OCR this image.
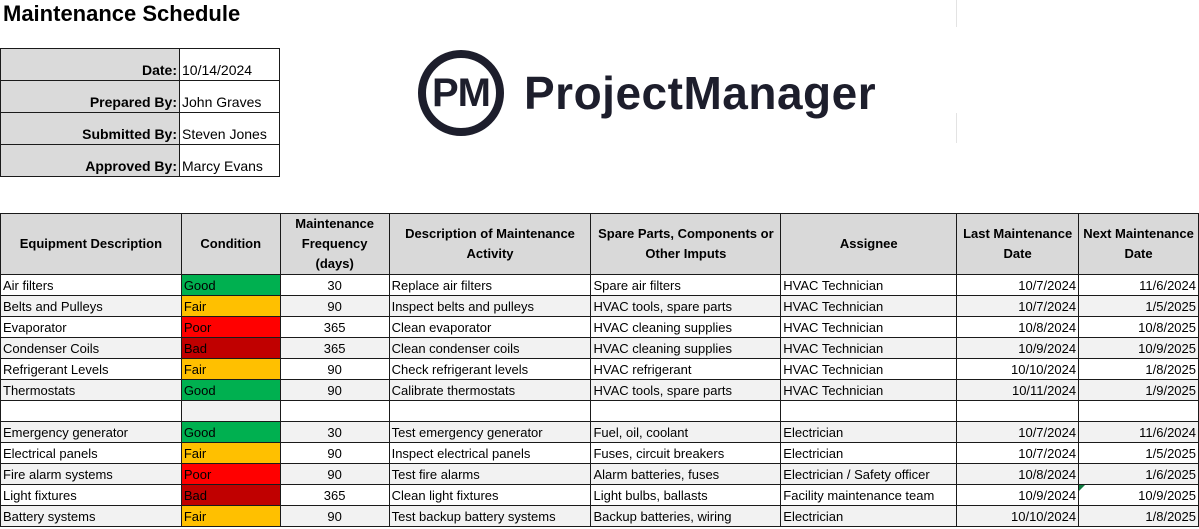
Maintenance Schedule
Date:	10/14/2024
Prepared By:	John Graves
Submitted By:	Steven Jones
Approved By:	Marcy Evans
PM ProjectManager
Equipment Description	Condition	Maintenance Frequency (days)	Description of Maintenance Activity	Spare Parts, Components or Other Imputs	Assignee	Last Maintenance Date	Next Maintenance Date
Air filters	Good	30	Replace air filters	Spare air filters	HVAC Technician	10/7/2024	11/6/2024
Belts and Pulleys	Fair	90	Inspect belts and pulleys	HVAC tools, spare parts	HVAC Technician	10/7/2024	1/5/2025
Evaporator	Poor	365	Clean evaporator	HVAC cleaning supplies	HVAC Technician	10/8/2024	10/8/2025
Condenser Coils	Bad	365	Clean condenser coils	HVAC cleaning supplies	HVAC Technician	10/9/2024	10/9/2025
Refrigerant Levels	Fair	90	Check refrigerant levels	HVAC refrigerant	HVAC Technician	10/10/2024	1/8/2025
Thermostats	Good	90	Calibrate thermostats	HVAC tools, spare parts	HVAC Technician	10/11/2024	1/9/2025

Emergency generator	Good	30	Test emergency generator	Fuel, oil, coolant	Electrician	10/7/2024	11/6/2024
Electrical panels	Fair	90	Inspect electrical panels	Fuses, circuit breakers	Electrician	10/7/2024	1/5/2025
Fire alarm systems	Poor	90	Test fire alarms	Alarm batteries, fuses	Electrician / Safety officer	10/8/2024	1/6/2025
Light fixtures	Bad	365	Clean light fixtures	Light bulbs, ballasts	Facility maintenance team	10/9/2024	10/9/2025
Battery systems	Fair	90	Test backup battery systems	Backup batteries, wiring	Electrician	10/10/2024	1/8/2025
